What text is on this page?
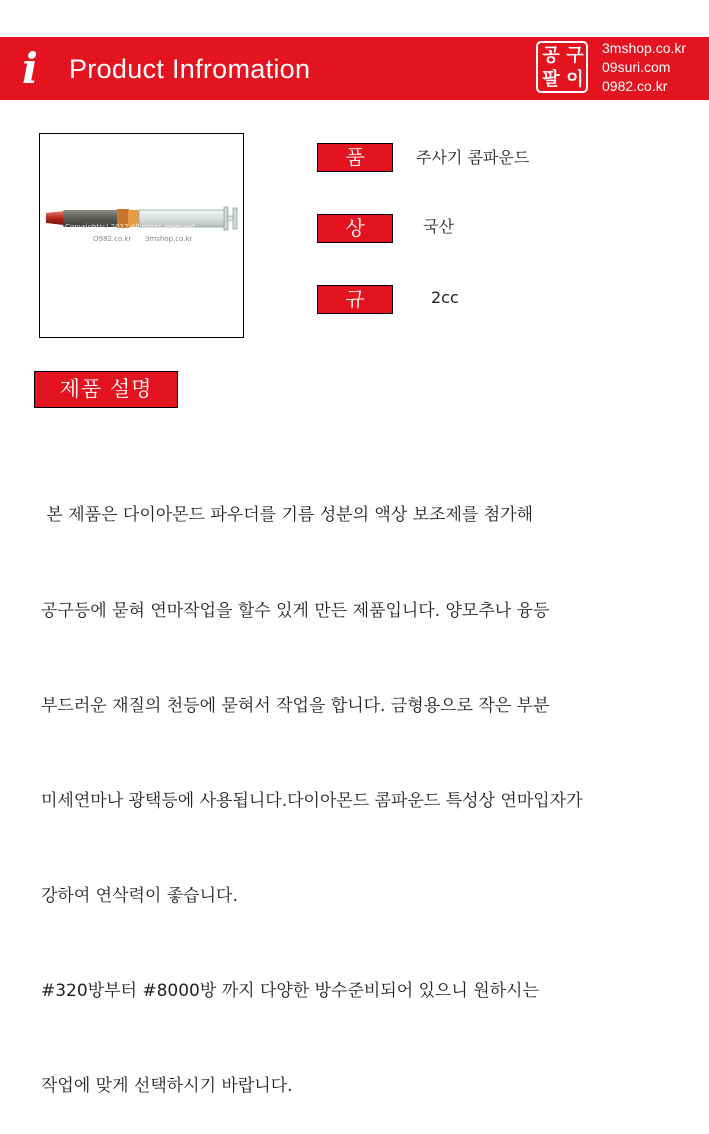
i Product Infromation	공 구
팔 이
3mshop.co.kr
09suri.com
0982.co.kr
Copyright(c) 2012 All rights reserved.
O982.co.kr 3mshop.co.kr
품 명
주사기 콤파운드
상 표
국산
규 격
2cc
제품 설명

본 제품은 다이아몬드 파우더를 기름 성분의 액상 보조제를 첨가해

공구등에 묻혀 연마작업을 할수 있게 만든 제품입니다. 양모추나 융등

부드러운 재질의 천등에 묻혀서 작업을 합니다. 금형용으로 작은 부분

미세연마나 광택등에 사용됩니다.다이아몬드 콤파운드 특성상 연마입자가

강하여 연삭력이 좋습니다.

#320방부터 #8000방 까지 다양한 방수준비되어 있으니 원하시는

작업에 맞게 선택하시기 바랍니다.
